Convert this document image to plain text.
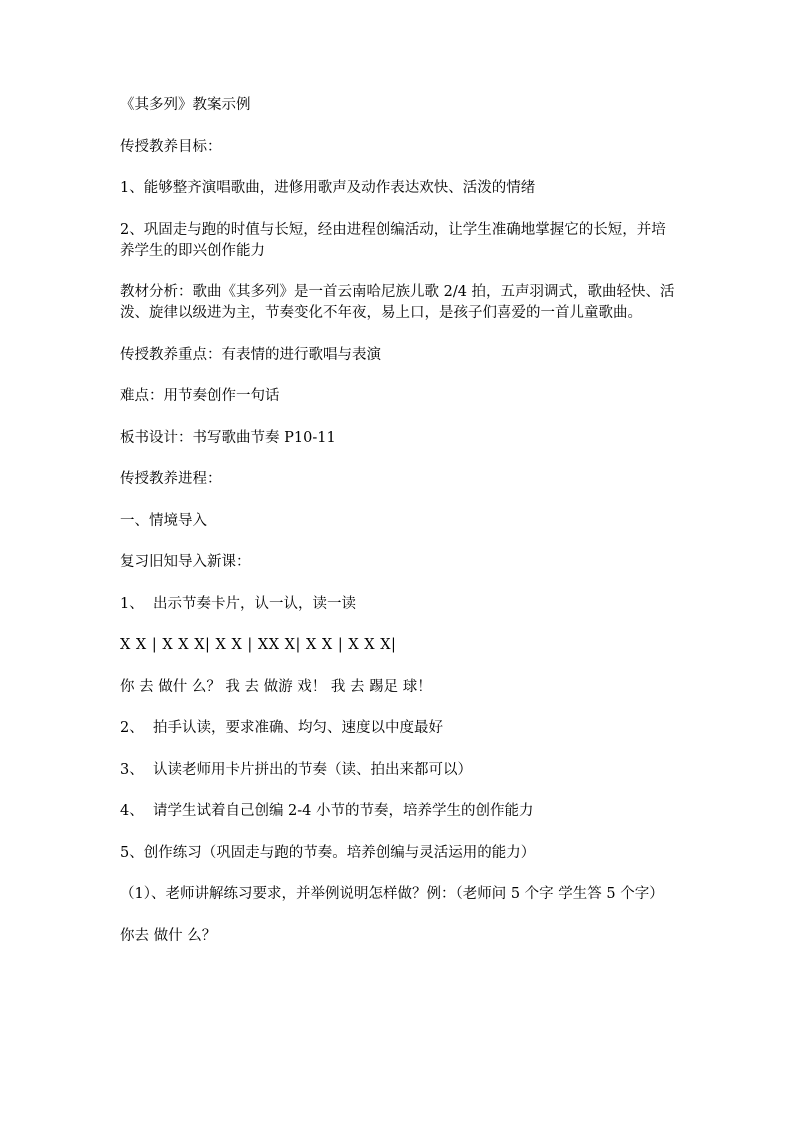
《其多列》教案示例

传授教养目标：

1、能够整齐演唱歌曲，进修用歌声及动作表达欢快、活泼的情绪

2、巩固走与跑的时值与长短，经由进程创编活动，让学生准确地掌握它的长短，并培养学生的即兴创作能力

教材分析：歌曲《其多列》是一首云南哈尼族儿歌 2/4 拍，五声羽调式，歌曲轻快、活泼、旋律以级进为主，节奏变化不年夜，易上口，是孩子们喜爱的一首儿童歌曲。

传授教养重点：有表情的进行歌唱与表演

难点：用节奏创作一句话

板书设计：书写歌曲节奏 P10-11

传授教养进程：

一、情境导入

复习旧知导入新课：

1、  出示节奏卡片，认一认，读一读

X X | X X X| X X | XX X| X X | X X X|

你 去 做什 么？ 我 去 做游 戏！ 我 去 踢足 球！

2、  拍手认读，要求准确、均匀、速度以中度最好

3、  认读老师用卡片拼出的节奏（读、拍出来都可以）

4、  请学生试着自己创编 2-4 小节的节奏，培养学生的创作能力

5、创作练习（巩固走与跑的节奏。培养创编与灵活运用的能力）

（1）、老师讲解练习要求，并举例说明怎样做？例：（老师问 5 个字 学生答 5 个字）

你去 做什 么？
